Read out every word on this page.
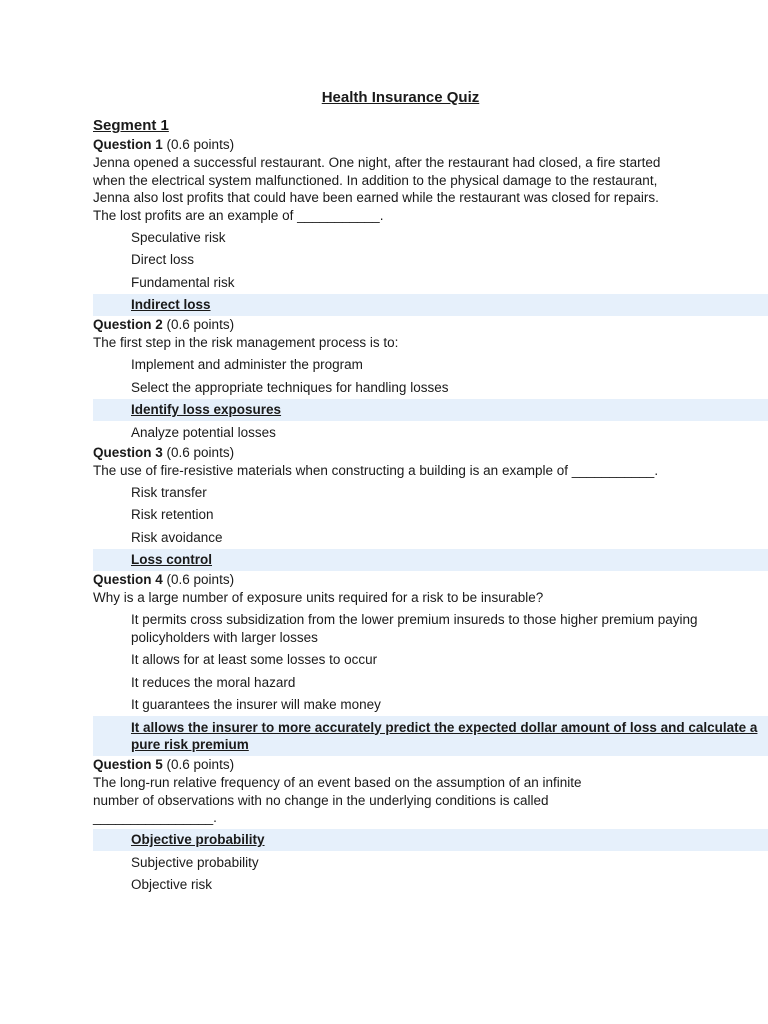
Health Insurance Quiz
Segment 1
Question 1 (0.6 points)
Jenna opened a successful restaurant. One night, after the restaurant had closed, a fire started when the electrical system malfunctioned. In addition to the physical damage to the restaurant, Jenna also lost profits that could have been earned while the restaurant was closed for repairs. The lost profits are an example of ___________.
Speculative risk
Direct loss
Fundamental risk
Indirect loss
Question 2 (0.6 points)
The first step in the risk management process is to:
Implement and administer the program
Select the appropriate techniques for handling losses
Identify loss exposures
Analyze potential losses
Question 3 (0.6 points)
The use of fire-resistive materials when constructing a building is an example of ___________.
Risk transfer
Risk retention
Risk avoidance
Loss control
Question 4 (0.6 points)
Why is a large number of exposure units required for a risk to be insurable?
It permits cross subsidization from the lower premium insureds to those higher premium paying policyholders with larger losses
It allows for at least some losses to occur
It reduces the moral hazard
It guarantees the insurer will make money
It allows the insurer to more accurately predict the expected dollar amount of loss and calculate a pure risk premium
Question 5 (0.6 points)
The long-run relative frequency of an event based on the assumption of an infinite number of observations with no change in the underlying conditions is called ________________.
Objective probability
Subjective probability
Objective risk
